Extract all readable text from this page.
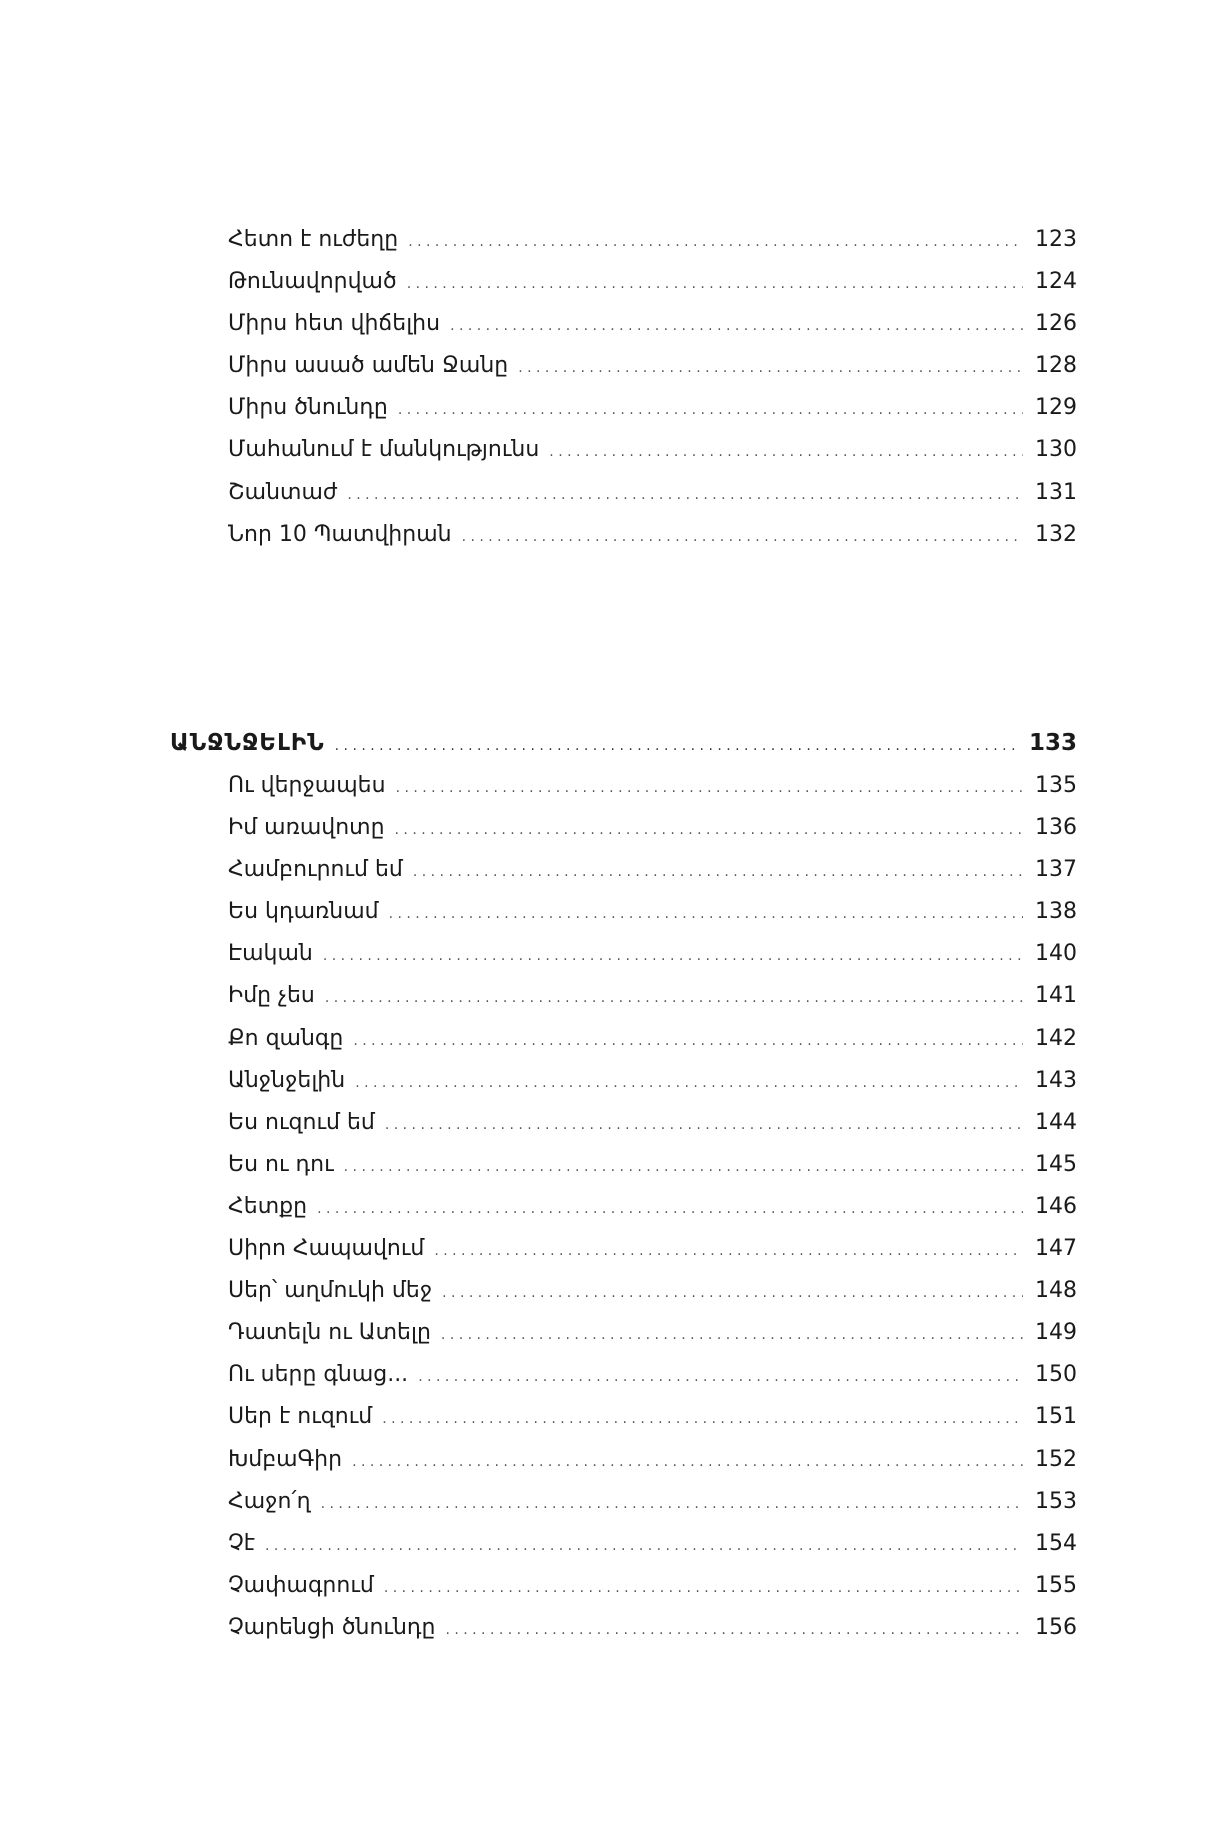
Հետո է ուժեղը . . .	123
Թունավորված . . .	124
Միրս հետ վիճելիս . . .	126
Միրս ասած ամեն Ջանը . . .	128
Միրս ծնունդը . . .	129
Մահանում է մանկությունս . . .	130
Շանտաժ . . .	131
Նոր 10 Պատվիրան . . .	132
ԱՆՋՆՋԵԼԻՆ . . .	133
Ու վերջապես . . .	135
Իմ առավոտը . . .	136
Համբուրում եմ . . .	137
Ես կդառնամ . . .	138
Էական . . .	140
Իմը չես . . .	141
Քո զանգը . . .	142
Անջնջելին . . .	143
Ես ուզում եմ . . .	144
Ես ու դու . . .	145
Հետքը . . .	146
Սիրո Հապավում . . .	147
Սեր՝ աղմուկի մեջ . . .	148
Դատելն ու Ատելը . . .	149
Ու սերը գնաց... . . .	150
Սեր է ուզում . . .	151
ԽմբաԳիր . . .	152
Հաջո՛ղ . . .	153
Չէ . . .	154
Չափագրում . . .	155
Չարենցի ծնունդը . . .	156
